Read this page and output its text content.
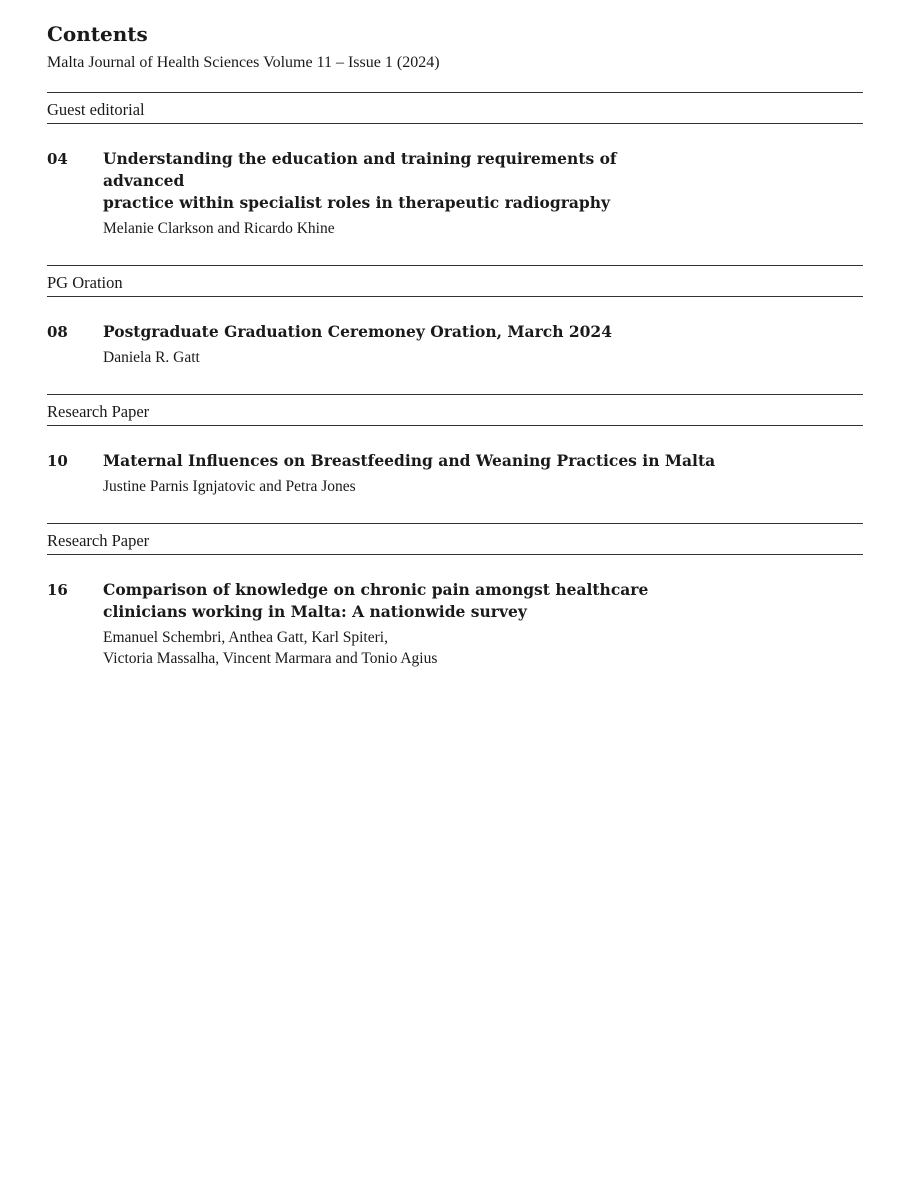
Contents
Malta Journal of Health Sciences Volume 11 – Issue 1 (2024)
Guest editorial
04	Understanding the education and training requirements of advanced
practice within specialist roles in therapeutic radiography
Melanie Clarkson and Ricardo Khine
PG Oration
08	Postgraduate Graduation Ceremoney Oration, March 2024
Daniela R. Gatt
Research Paper
10	Maternal Influences on Breastfeeding and Weaning Practices in Malta
Justine Parnis Ignjatovic and Petra Jones
Research Paper
16	Comparison of knowledge on chronic pain amongst healthcare
clinicians working in Malta: A nationwide survey
Emanuel Schembri, Anthea Gatt, Karl Spiteri,
Victoria Massalha, Vincent Marmara and Tonio Agius
